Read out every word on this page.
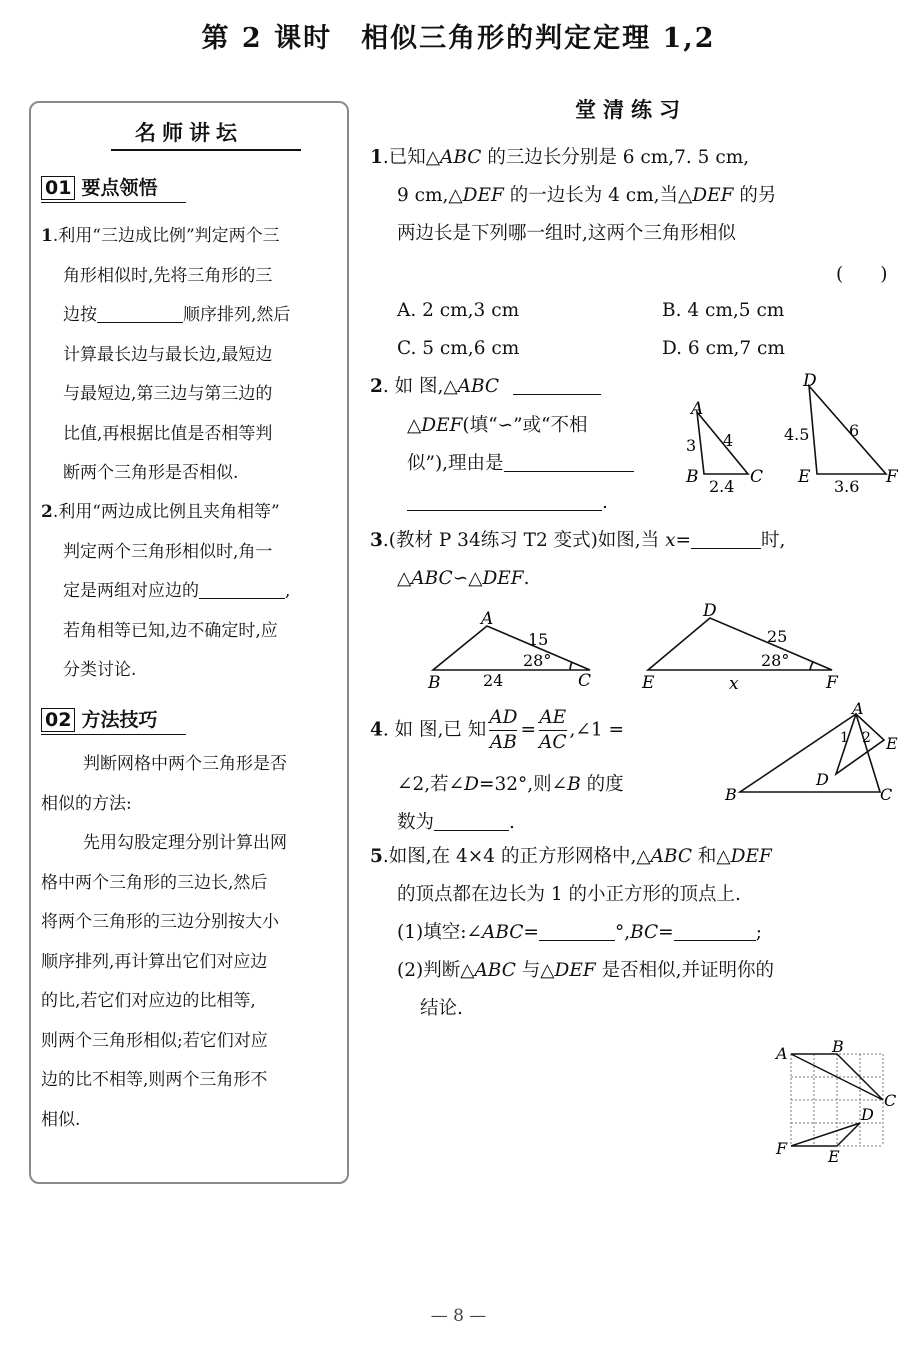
第 2 课时　相似三角形的判定定理 1,2
名师讲坛
01 要点领悟
1.利用“三边成比例”判定两个三
角形相似时,先将三角形的三
边按	顺序排列,然后
计算最长边与最长边,最短边
与最短边,第三边与第三边的
比值,再根据比值是否相等判
断两个三角形是否相似.
2.利用“两边成比例且夹角相等”
判定两个三角形相似时,角一
定是两组对应边的	,
若角相等已知,边不确定时,应
分类讨论.
02 方法技巧
判断网格中两个三角形是否
相似的方法:
先用勾股定理分别计算出网
格中两个三角形的三边长,然后
将两个三角形的三边分别按大小
顺序排列,再计算出它们对应边
的比,若它们对应边的比相等,
则两个三角形相似;若它们对应
边的比不相等,则两个三角形不
相似.
堂清练习
1.已知△ABC 的三边长分别是 6 cm,7. 5 cm,
9 cm,△DEF 的一边长为 4 cm,当△DEF 的另
两边长是下列哪一组时,这两个三角形相似
(　　)
A. 2 cm,3 cm	B. 4 cm,5 cm
C. 5 cm,6 cm	D. 6 cm,7 cm
2. 如 图,△ABC
△DEF(填“∽”或“不相
似”),理由是
.
A
B	C
D
E	F
3 4
2.4
4.5 6
3.6
3.(教材 P 34练习 T2 变式)如图,当 x=	时,
△ABC∽△DEF.
A
B	C
D
E	F
x
15
24
28°
25
28°
4. 如 图,已 知 $\frac{AD}{AB} = \frac{AE}{AC}$ ,∠1 =
∠2,若∠D=32°,则∠B 的度
数为	.
A
B	C
D
E
1 2
5.如图,在 4×4 的正方形网格中,△ABC 和△DEF
的顶点都在边长为 1 的小正方形的顶点上.
(1)填空:∠ABC=	°,BC=	;
(2)判断△ABC 与△DEF 是否相似,并证明你的
结论.
A	B
C
D
E
F
— 8 —
